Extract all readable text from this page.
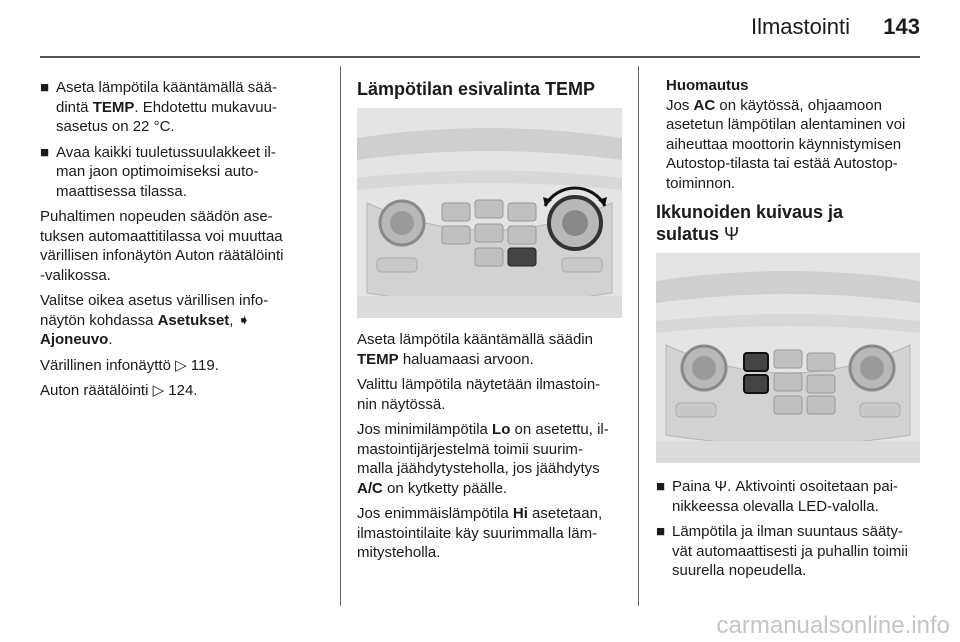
Ilmastointi	143
■ Aseta lämpötila kääntämällä sää-
dintä TEMP. Ehdotettu mukavuu-
sasetus on 22 °C.
■ Avaa kaikki tuuletussuulakkeet il-
man jaon optimoimiseksi auto-
maattisessa tilassa.

Puhaltimen nopeuden säädön ase-
tuksen automaattitilassa voi muuttaa
värillisen infonäytön Auton räätälöinti
-valikossa.

Valitse oikea asetus värillisen info-
näytön kohdassa Asetukset, ➧
Ajoneuvo.

Värillinen infonäyttö ▷ 119.

Auton räätälöinti ▷ 124.

Lämpötilan esivalinta TEMP

Aseta lämpötila kääntämällä säädin
TEMP haluamaasi arvoon.

Valittu lämpötila näytetään ilmastoin-
nin näytössä.

Jos minimilämpötila Lo on asetettu, il-
mastointijärjestelmä toimii suurim-
malla jäähdytysteholla, jos jäähdytys
A/C on kytketty päälle.

Jos enimmäislämpötila Hi asetetaan,
ilmastointilaite käy suurimmalla läm-
mitysteholla.

Huomautus

Jos AC on käytössä, ohjaamoon
asetetun lämpötilan alentaminen voi
aiheuttaa moottorin käynnistymisen
Autostop-tilasta tai estää Autostop-
toiminnon.

Ikkunoiden kuivaus ja
sulatus Ψ
■ Paina Ψ. Aktivointi osoitetaan pai-
nikkeessa olevalla LED-valolla.
■ Lämpötila ja ilman suuntaus sääty-
vät automaattisesti ja puhallin toimii
suurella nopeudella.
carmanualsonline.info
